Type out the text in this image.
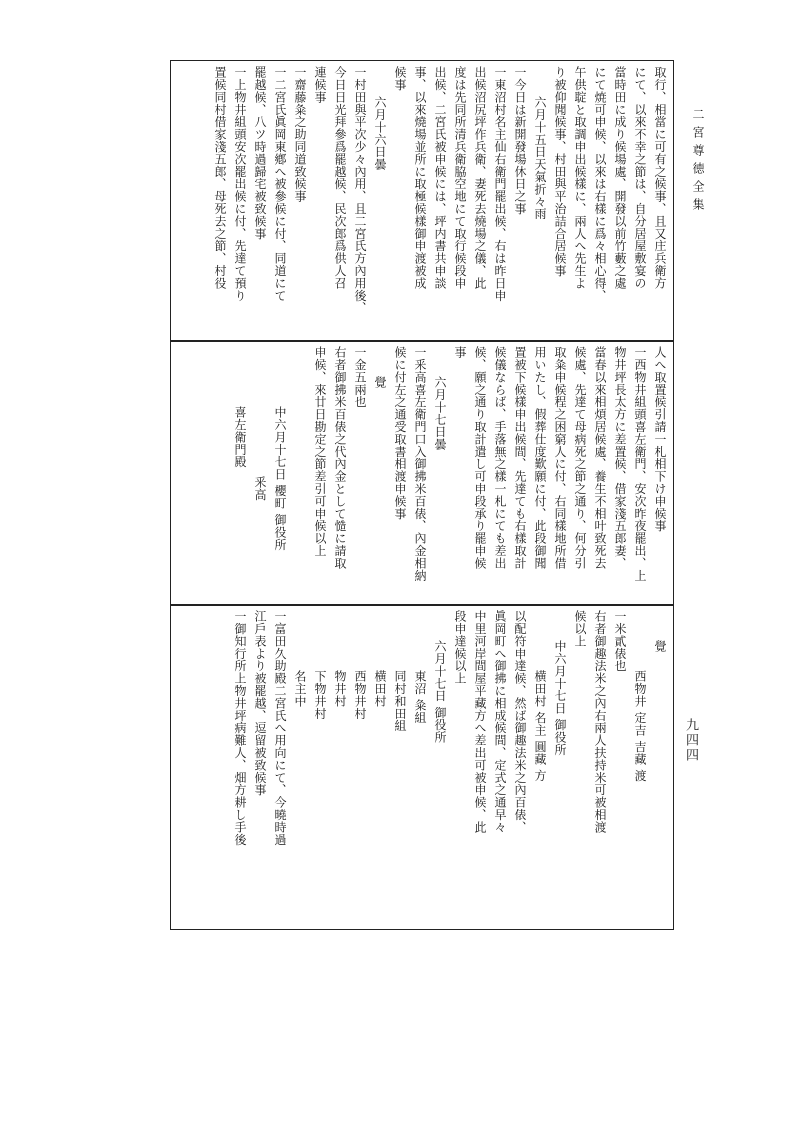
二宮尊徳全集
九四四
取行、相當に可有之候事、且又庄兵衛方
にて、以來不幸之節は、自分居屋敷宴の
當時田に成り候場處、開發以前竹藪之處
にて焼可申候、以來は右樣に爲々相心得、
午供聢と取調申出候樣に、兩人へ先生よ
り被仰聞候事、村田與平治詰合居候事
六月十五日天氣折々雨
一今日は新開發場休日之事
一東沼村名主仙右衛門罷出候、右は昨日申
出候沼尻坪作兵衛、妻死去燒場之儀、此
度は先同所清兵衛脇空地にて取行候段申
出候、二宮氏被申候には、坪内書共申談
事、以來燒場並所に取極候樣御申渡被成
候事
六月十六日曇
一村田與平次少々內用、且二宮氏方內用後、
今日日光拜參爲罷越候、民次郎爲供人召
連候事
一齋藤粂之助同道致候事
一二宮氏眞岡東鄕へ被參候に付、同道にて
罷越候、八ツ時過歸宅被致候事
一上物井組頭安次罷出候に付、先達て預り
置候同村借家淺五郎、母死去之節、村役
人へ取置候引請一札相下け申候事
一西物井組頭喜左衛門、安次昨夜罷出、上
物井坪長太方に差置候、借家淺五郎妻、
當春以來相煩居候處、養生不相叶致死去
候處、先達て母病死之節之通り、何分引
取粂申候程之困窮人に付、右同樣地所借
用いたし、假葬仕度歎願に付、此段御聞
置被下候樣申出候間、先達ても右樣取計
候儀ならば、手落無之樣一札にても差出
候、願之通り取計遣し可申段承り罷申候
事
六月十七日曇
一釆高喜左衛門口入御拂米百俵、內金相納
候に付左之通受取書相渡申候事
覺
一金五兩也
右者御拂米百俵之代內金として慥に請取
申候、來廿日勘定之節差引可申候以上
中六月十七日 櫻町 御役所
釆高
喜左衛門殿
覺
西物井 定吉 吉藏 渡
一米貳俵也
右者御趣法米之內右兩人扶持米可被相渡
候以上
中六月十七日 御役所
横田村 名主 圓藏 方
以配符申達候、然ば御趣法米之內百俵、
眞岡町へ御拂に相成候間、定式之通早々
中里河岸間屋平藏方へ差出可被申候、此
段申達候以上
六月十七日 御役所
東沼 粂組
同村和田組
横田村
西物井村
物井村
下物井村
名主中
一富田久助殿二宮氏へ用向にて、今曉時過
江戶表より被罷越、逗留被致候事
一御知行所上物井坪病難人、畑方耕し手後
